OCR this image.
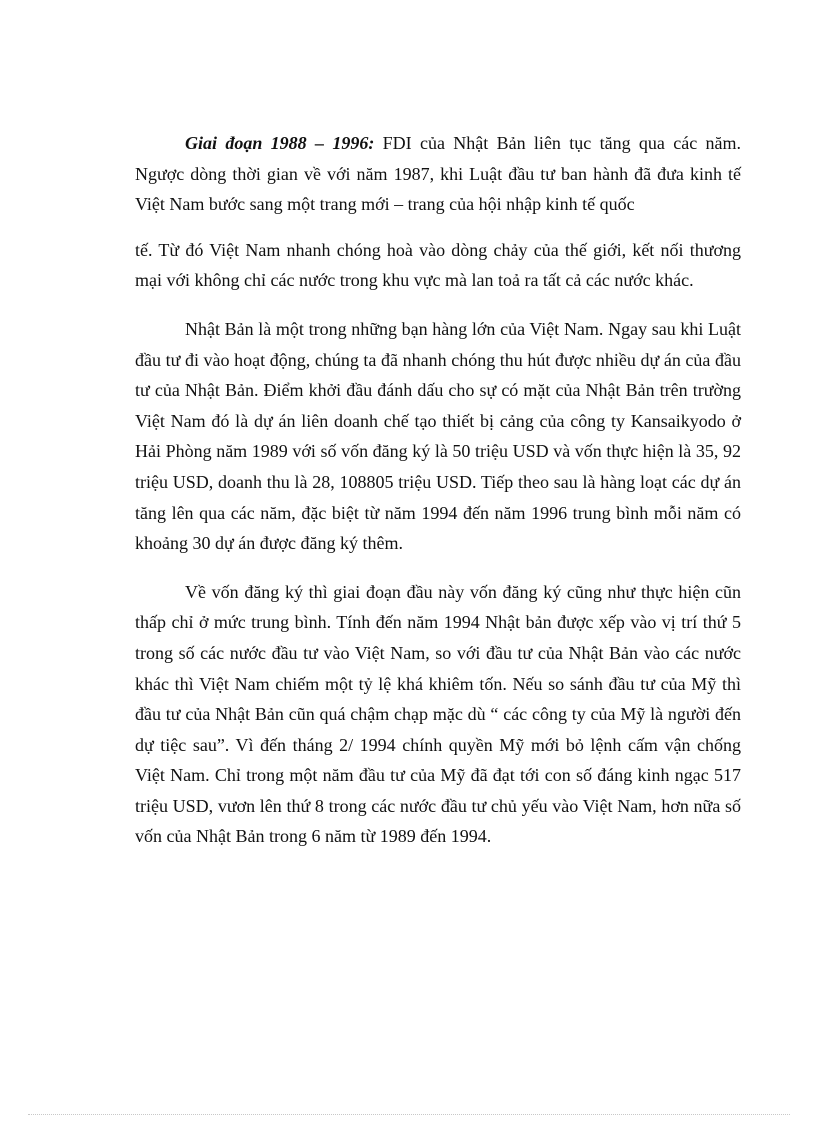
Giai đoạn 1988 – 1996: FDI của Nhật Bản liên tục tăng qua các năm. Ngược dòng thời gian về với năm 1987, khi Luật đầu tư ban hành đã đưa kinh tế Việt Nam bước sang một trang mới – trang của hội nhập kinh tế quốc

tế. Từ đó Việt Nam nhanh chóng hoà vào dòng chảy của thế giới, kết nối thương mại với không chỉ các nước trong khu vực mà lan toả ra tất cả các nước khác.

Nhật Bản là một trong những bạn hàng lớn của Việt Nam. Ngay sau khi Luật đầu tư đi vào hoạt động, chúng ta đã nhanh chóng thu hút được nhiều dự án của đầu tư của Nhật Bản. Điểm khởi đầu đánh dấu cho sự có mặt của Nhật Bản trên trường Việt Nam đó là dự án liên doanh chế tạo thiết bị cảng của công ty Kansaikyodo ở Hải Phòng năm 1989 với số vốn đăng ký là 50 triệu USD và vốn thực hiện là 35, 92 triệu USD, doanh thu là 28, 108805 triệu USD. Tiếp theo sau là hàng loạt các dự án tăng lên qua các năm, đặc biệt từ năm 1994 đến năm 1996 trung bình mỗi năm có khoảng 30 dự án được đăng ký thêm.

Về vốn đăng ký thì giai đoạn đầu này vốn đăng ký cũng như thực hiện cũn thấp chỉ ở mức trung bình. Tính đến năm 1994 Nhật bản được xếp vào vị trí thứ 5 trong số các nước đầu tư vào Việt Nam, so với đầu tư của Nhật Bản vào các nước khác thì Việt Nam chiếm một tỷ lệ khá khiêm tốn. Nếu so sánh đầu tư của Mỹ thì đầu tư của Nhật Bản cũn quá chậm chạp mặc dù “ các công ty của Mỹ là người đến dự tiệc sau”. Vì đến tháng 2/ 1994 chính quyền Mỹ mới bỏ lệnh cấm vận chống Việt Nam. Chỉ trong một năm đầu tư của Mỹ đã đạt tới con số đáng kinh ngạc 517 triệu USD, vươn lên thứ 8 trong các nước đầu tư chủ yếu vào Việt Nam, hơn nữa số vốn của Nhật Bản trong 6 năm từ 1989 đến 1994.
